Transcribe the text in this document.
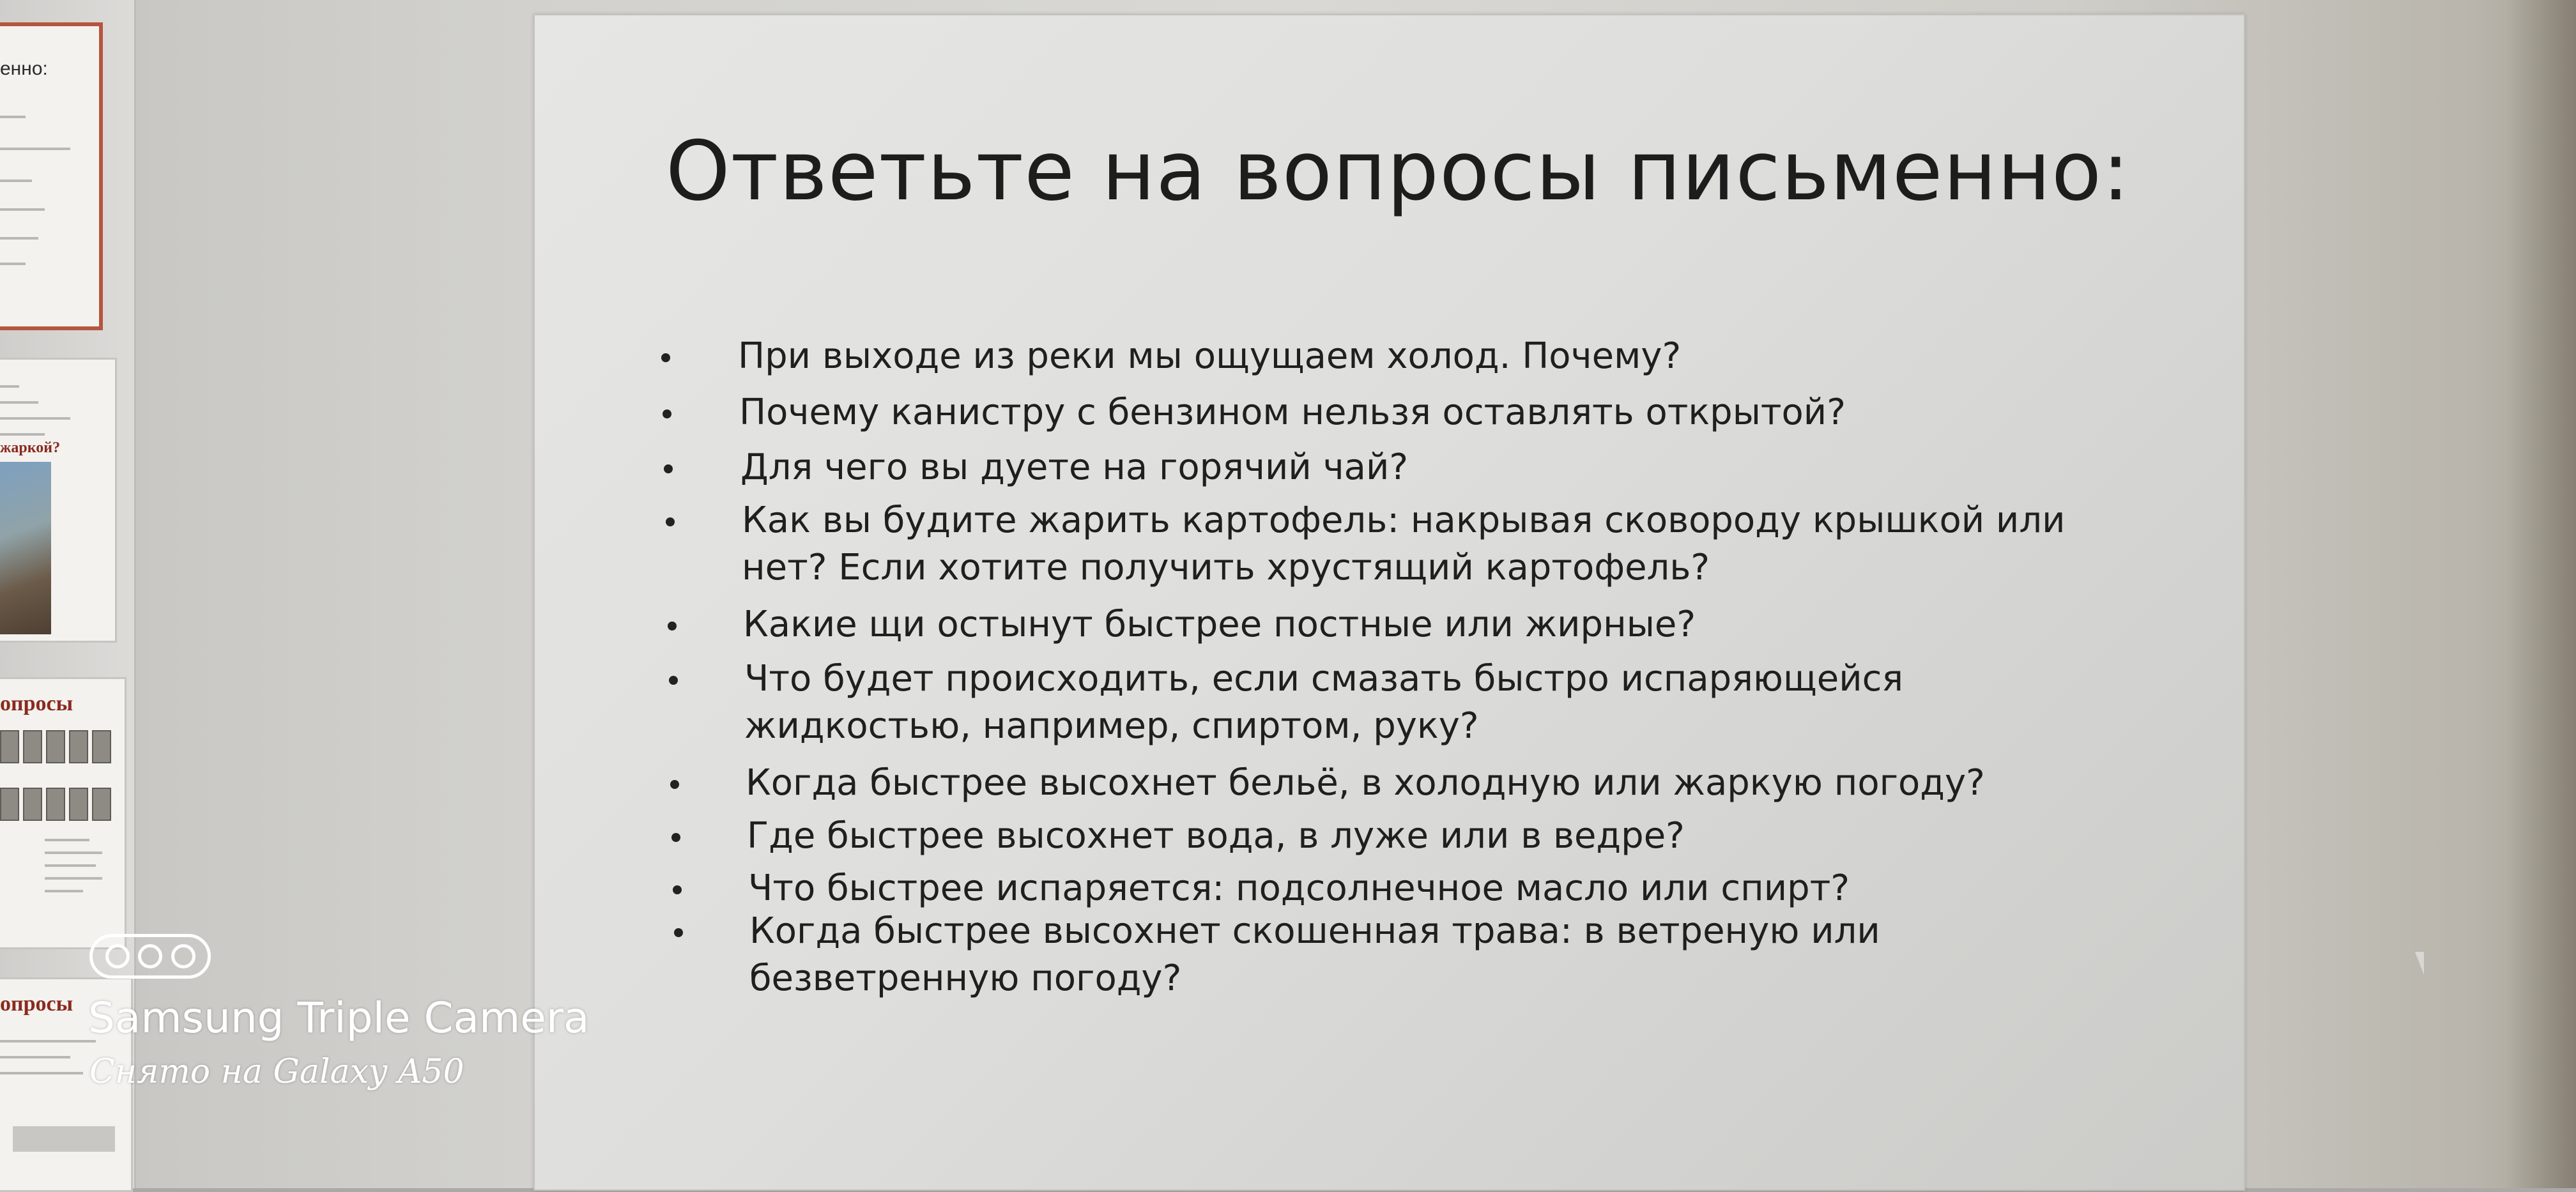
енно:
жаркой?
опросы
опросы
Ответьте на вопросы письменно:
При выходе из реки мы ощущаем холод. Почему?
Почему канистру с бензином нельзя оставлять открытой?
Для чего вы дуете на горячий чай?
Как вы будите жарить картофель: накрывая сковороду крышкой или
нет? Если хотите получить хрустящий картофель?
Какие щи остынут быстрее постные или жирные?
Что будет происходить, если смазать быстро испаряющейся
жидкостью, например, спиртом, руку?
Когда быстрее высохнет бельё, в холодную или жаркую погоду?
Где быстрее высохнет вода, в луже или в ведре?
Что быстрее испаряется: подсолнечное масло или спирт?
Когда быстрее высохнет скошенная трава: в ветреную или
безветренную погоду?
Samsung Triple Camera
Снято на Galaxy A50
